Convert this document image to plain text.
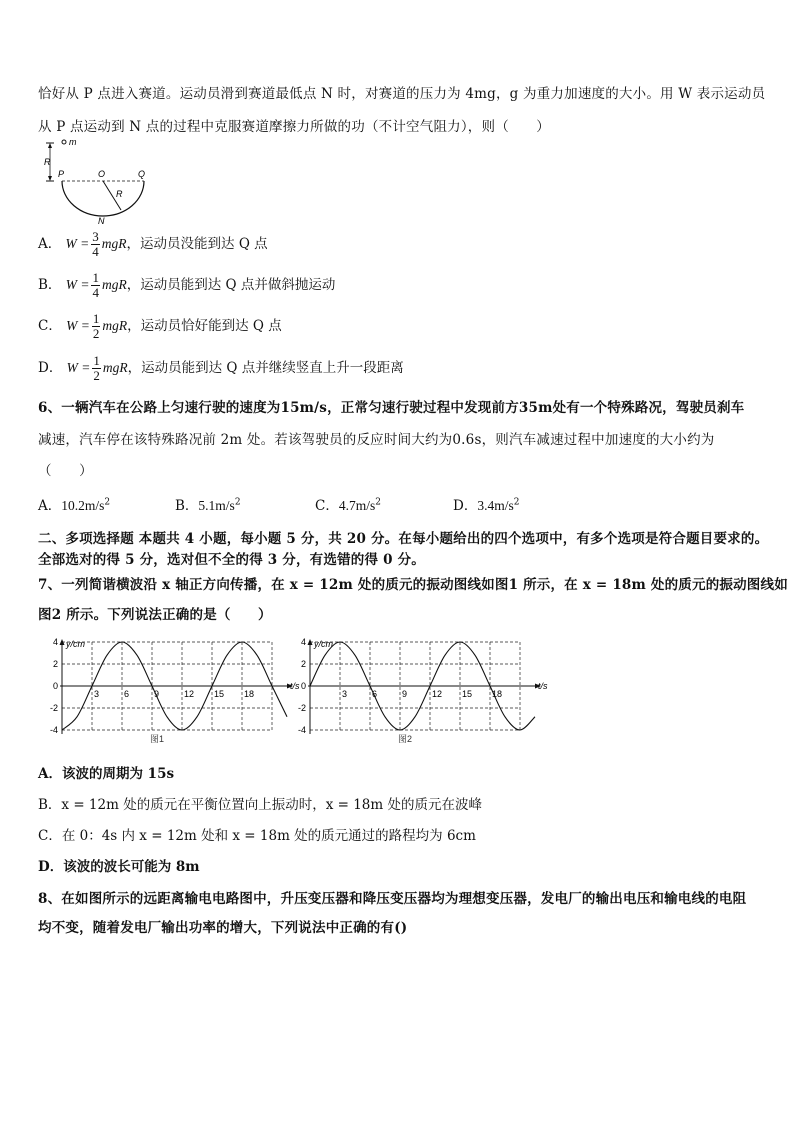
恰好从 P 点进入赛道。运动员滑到赛道最低点 N 时，对赛道的压力为 4mg，g 为重力加速度的大小。用 W 表示运动员
从 P 点运动到 N 点的过程中克服赛道摩擦力所做的功（不计空气阻力），则（　　）
m
R
P	O	Q
R
N
A． $W = \frac{3}{4}$ mgR，运动员没能到达 Q 点
B． $W = \frac{1}{4}$ mgR，运动员能到达 Q 点并做斜抛运动
C． $W = \frac{1}{2}$ mgR，运动员恰好能到达 Q 点
D． $W = \frac{1}{2}$ mgR，运动员能到达 Q 点并继续竖直上升一段距离
6、一辆汽车在公路上匀速行驶的速度为15m/s，正常匀速行驶过程中发现前方35m处有一个特殊路况，驾驶员刹车
减速，汽车停在该特殊路况前 2m 处。若该驾驶员的反应时间大约为0.6s，则汽车减速过程中加速度的大小约为
（　　）
A．$10.2m/s^2$	B．$5.1m/s^2$	C．$4.7m/s^2$	D．$3.4m/s^2$
二、多项选择题 本题共 4 小题，每小题 5 分，共 20 分。在每小题给出的四个选项中，有多个选项是符合题目要求的。
全部选对的得 5 分，选对但不全的得 3 分，有选错的得 0 分。
7、一列简谐横波沿 x 轴正方向传播，在 x = 12m 处的质元的振动图线如图1 所示，在 x = 18m 处的质元的振动图线如
图2 所示。下列说法正确的是（　　）
4
2
0
-2
-4
3	6	9	12 15 18
y/cm
t/s
图1
4
2
0
-2
-4
3	6	9	12 15 18
y/cm
t/s
图2
A．该波的周期为 15s
B．x = 12m 处的质元在平衡位置向上振动时，x = 18m 处的质元在波峰
C．在 0：4s 内 x = 12m 处和 x = 18m 处的质元通过的路程均为 6cm
D．该波的波长可能为 8m
8、在如图所示的远距离输电电路图中，升压变压器和降压变压器均为理想变压器，发电厂的输出电压和输电线的电阻
均不变，随着发电厂输出功率的增大，下列说法中正确的有()
